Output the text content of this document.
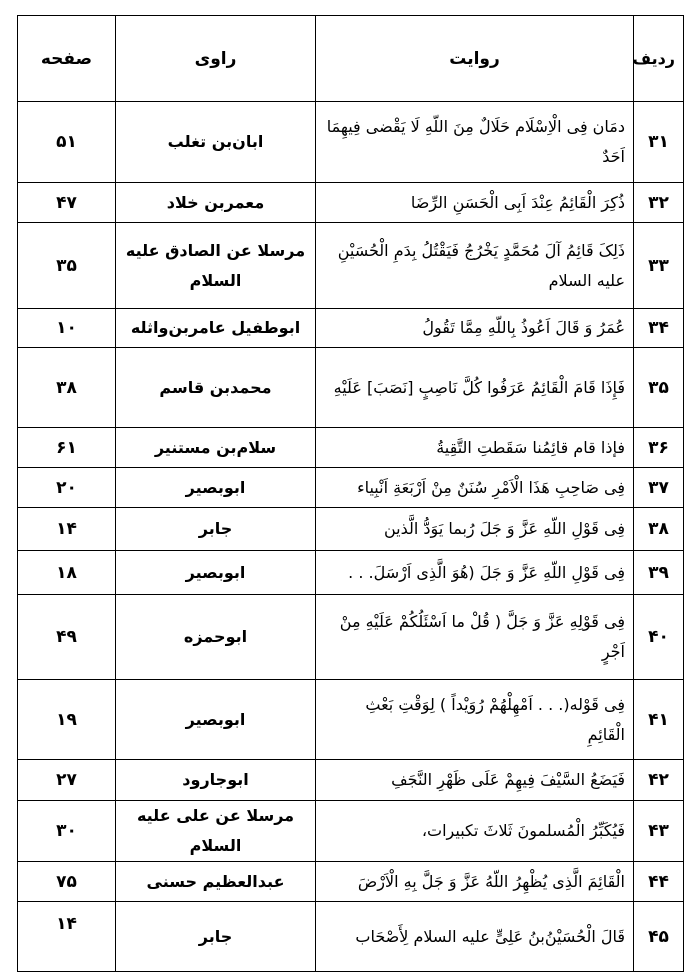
ردیف	روایت	راوی	صفحه
۳۱	دمَان فِی الْاِسْلَام حَلَالٌ مِنَ اللّهِ لَا یَقْضی فِیهِمَا اَحَدٌ	ابان‌بن تغلب	۵۱
۳۲	ذُکِرَ الْقَائِمُ عِنْدَ اَبِی الْحَسَنِ الرِّضَا	معمربن خلاد	۴۷
۳۳	ذَلِکَ قَائِمُ آلَ مُحَمَّدٍ یَخْرُجُ فَیَقْتُلُ بِدَمِ الْحُسَیْنِ علیه السلام	مرسلا عن الصادق علیه السلام	۳۵
۳۴	عُمَرُ وَ قَالَ اَعُوذُ بِاللّهِ مِمَّا تَقُولُ	ابوطفیل عامربن‌واثله	۱۰
۳۵	فَإِذَا قَامَ الْقَائِمُ عَرَفُوا کُلَّ نَاصِبٍ [نَصَبَ] عَلَیْهِ	محمدبن قاسم	۳۸
۳۶	فإذا قام قائِمُنا سَقَطتِ التَّقِیةُ	سلام‌بن مستنیر	۶۱
۳۷	فِی صَاحِبِ هَذَا الْاَمْرِ سُنَنٌ مِنْ اَرْبَعَةِ اَنْبِیاء	ابوبصیر	۲۰
۳۸	فِی قَوْلِ اللّهِ عَزَّ وَ جَلَ رُبما یَوَدُّ الَّذین	جابر	۱۴
۳۹	فِی قَوْلِ اللّهِ عَزَّ وَ جَلَ (هُوَ الَّذِی اَرْسَلَ. . .	ابوبصیر	۱۸
۴۰	فِی قَوْلِهِ عَزَّ وَ جَلَّ ( قُلْ ما اَسْئَلُکُمْ عَلَیْهِ مِنْ اَجْرٍ	ابوحمزه	۴۹
۴۱	فِی قَوْله(. . . اَمْهِلْهُمْ رُوَیْداً ) لِوَقْتِ بَعْثِ الْقَائِمِ	ابوبصیر	۱۹
۴۲	فَیَضَعُ السَّیْفَ فِیهِمْ عَلَی ظَهْرِ النَّجَفِ	ابوجارود	۲۷
۴۳	فَیُکَبِّرُ الْمُسلمونَ ثَلاثَ تکبیرات،	مرسلا عن علی علیه السلام	۳۰
۴۴	الْقَائِمَ الَّذِی یُظْهِرُ اللّهُ عَزَّ وَ جَلَّ بِهِ الْاَرْضَ	عبدالعظیم حسنی	۷۵
۴۵	قَالَ الْحُسَیْنُ‌بنُ عَلِیٍّ علیه السلام لِأَصْحَاب	جابر	۱۴
